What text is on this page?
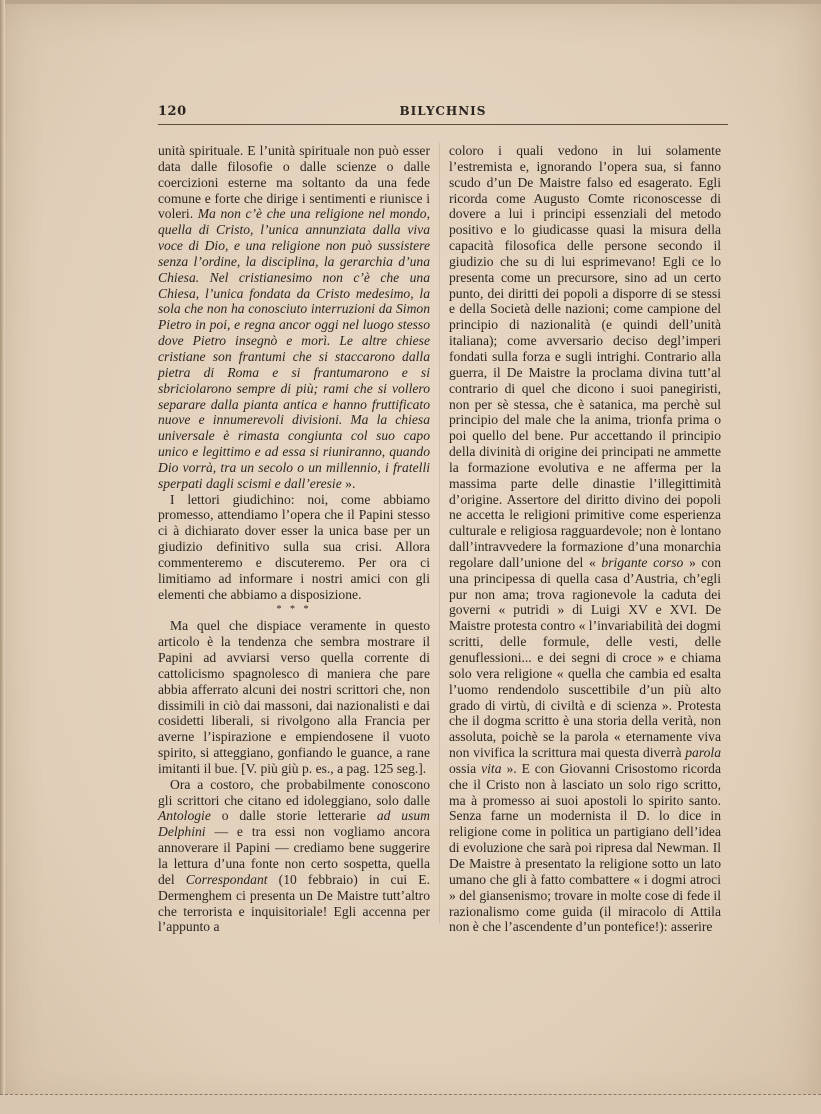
120	BILYCHNIS

unità spirituale. E l’unità spirituale non può esser data dalle filosofie o dalle scienze o dalle coercizioni esterne ma soltanto da una fede comune e forte che dirige i sentimenti e riunisce i voleri. Ma non c’è che una religione nel mondo, quella di Cristo, l’unica annunziata dalla viva voce di Dio, e una religione non può sussistere senza l’ordine, la disciplina, la gerarchia d’una Chiesa. Nel cristianesimo non c’è che una Chiesa, l’unica fondata da Cristo medesimo, la sola che non ha conosciuto interruzioni da Simon Pietro in poi, e regna ancor oggi nel luogo stesso dove Pietro insegnò e morì. Le altre chiese cristiane son frantumi che si staccarono dalla pietra di Roma e si frantumarono e si sbriciolarono sempre di più; rami che si vollero separare dalla pianta antica e hanno fruttificato nuove e innumerevoli divisioni. Ma la chiesa universale è rimasta congiunta col suo capo unico e legittimo e ad essa si riuniranno, quando Dio vorrà, tra un secolo o un millennio, i fratelli sperpati dagli scismi e dall’eresie ».

I lettori giudichino: noi, come abbiamo promesso, attendiamo l’opera che il Papini stesso ci à dichiarato dover esser la unica base per un giudizio definitivo sulla sua crisi. Allora commenteremo e discuteremo. Per ora ci limitiamo ad informare i nostri amici con gli elementi che abbiamo a disposizione.

* * *

Ma quel che dispiace veramente in questo articolo è la tendenza che sembra mostrare il Papini ad avviarsi verso quella corrente di cattolicismo spagnolesco di maniera che pare abbia afferrato alcuni dei nostri scrittori che, non dissimili in ciò dai massoni, dai nazionalisti e dai cosidetti liberali, si rivolgono alla Francia per averne l’ispirazione e empiendosene il vuoto spirito, si atteggiano, gonfiando le guance, a rane imitanti il bue. [V. più giù p. es., a pag. 125 seg.].

Ora a costoro, che probabilmente conoscono gli scrittori che citano ed idoleggiano, solo dalle Antologie o dalle storie letterarie ad usum Delphini — e tra essi non vogliamo ancora annoverare il Papini — crediamo bene suggerire la lettura d’una fonte non certo sospetta, quella del Correspondant (10 febbraio) in cui E. Dermenghem ci presenta un De Maistre tutt’altro che terrorista e inquisitoriale! Egli accenna per l’appunto a

coloro i quali vedono in lui solamente l’estremista e, ignorando l’opera sua, si fanno scudo d’un De Maistre falso ed esagerato. Egli ricorda come Augusto Comte riconoscesse di dovere a lui i principi essenziali del metodo positivo e lo giudicasse quasi la misura della capacità filosofica delle persone secondo il giudizio che su di lui esprimevano! Egli ce lo presenta come un precursore, sino ad un certo punto, dei diritti dei popoli a disporre di se stessi e della Società delle nazioni; come campione del principio di nazionalità (e quindi dell’unità italiana); come avversario deciso degl’imperi fondati sulla forza e sugli intrighi. Contrario alla guerra, il De Maistre la proclama divina tutt’al contrario di quel che dicono i suoi panegiristi, non per sè stessa, che è satanica, ma perchè sul principio del male che la anima, trionfa prima o poi quello del bene. Pur accettando il principio della divinità di origine dei principati ne ammette la formazione evolutiva e ne afferma per la massima parte delle dinastie l’illegittimità d’origine. Assertore del diritto divino dei popoli ne accetta le religioni primitive come esperienza culturale e religiosa ragguardevole; non è lontano dall’intravvedere la formazione d’una monarchia regolare dall’unione del « brigante corso » con una principessa di quella casa d’Austria, ch’egli pur non ama; trova ragionevole la caduta dei governi « putridi » di Luigi XV e XVI. De Maistre protesta contro « l’invariabilità dei dogmi scritti, delle formule, delle vesti, delle genuflessioni... e dei segni di croce » e chiama solo vera religione « quella che cambia ed esalta l’uomo rendendolo suscettibile d’un più alto grado di virtù, di civiltà e di scienza ». Protesta che il dogma scritto è una storia della verità, non assoluta, poichè se la parola « eternamente viva non vivifica la scrittura mai questa diverrà parola ossia vita ». E con Giovanni Crisostomo ricorda che il Cristo non à lasciato un solo rigo scritto, ma à promesso ai suoi apostoli lo spirito santo. Senza farne un modernista il D. lo dice in religione come in politica un partigiano dell’idea di evoluzione che sarà poi ripresa dal Newman. Il De Maistre à presentato la religione sotto un lato umano che gli à fatto combattere « i dogmi atroci » del giansenismo; trovare in molte cose di fede il razionalismo come guida (il miracolo di Attila non è che l’ascendente d’un pontefice!): asserire
